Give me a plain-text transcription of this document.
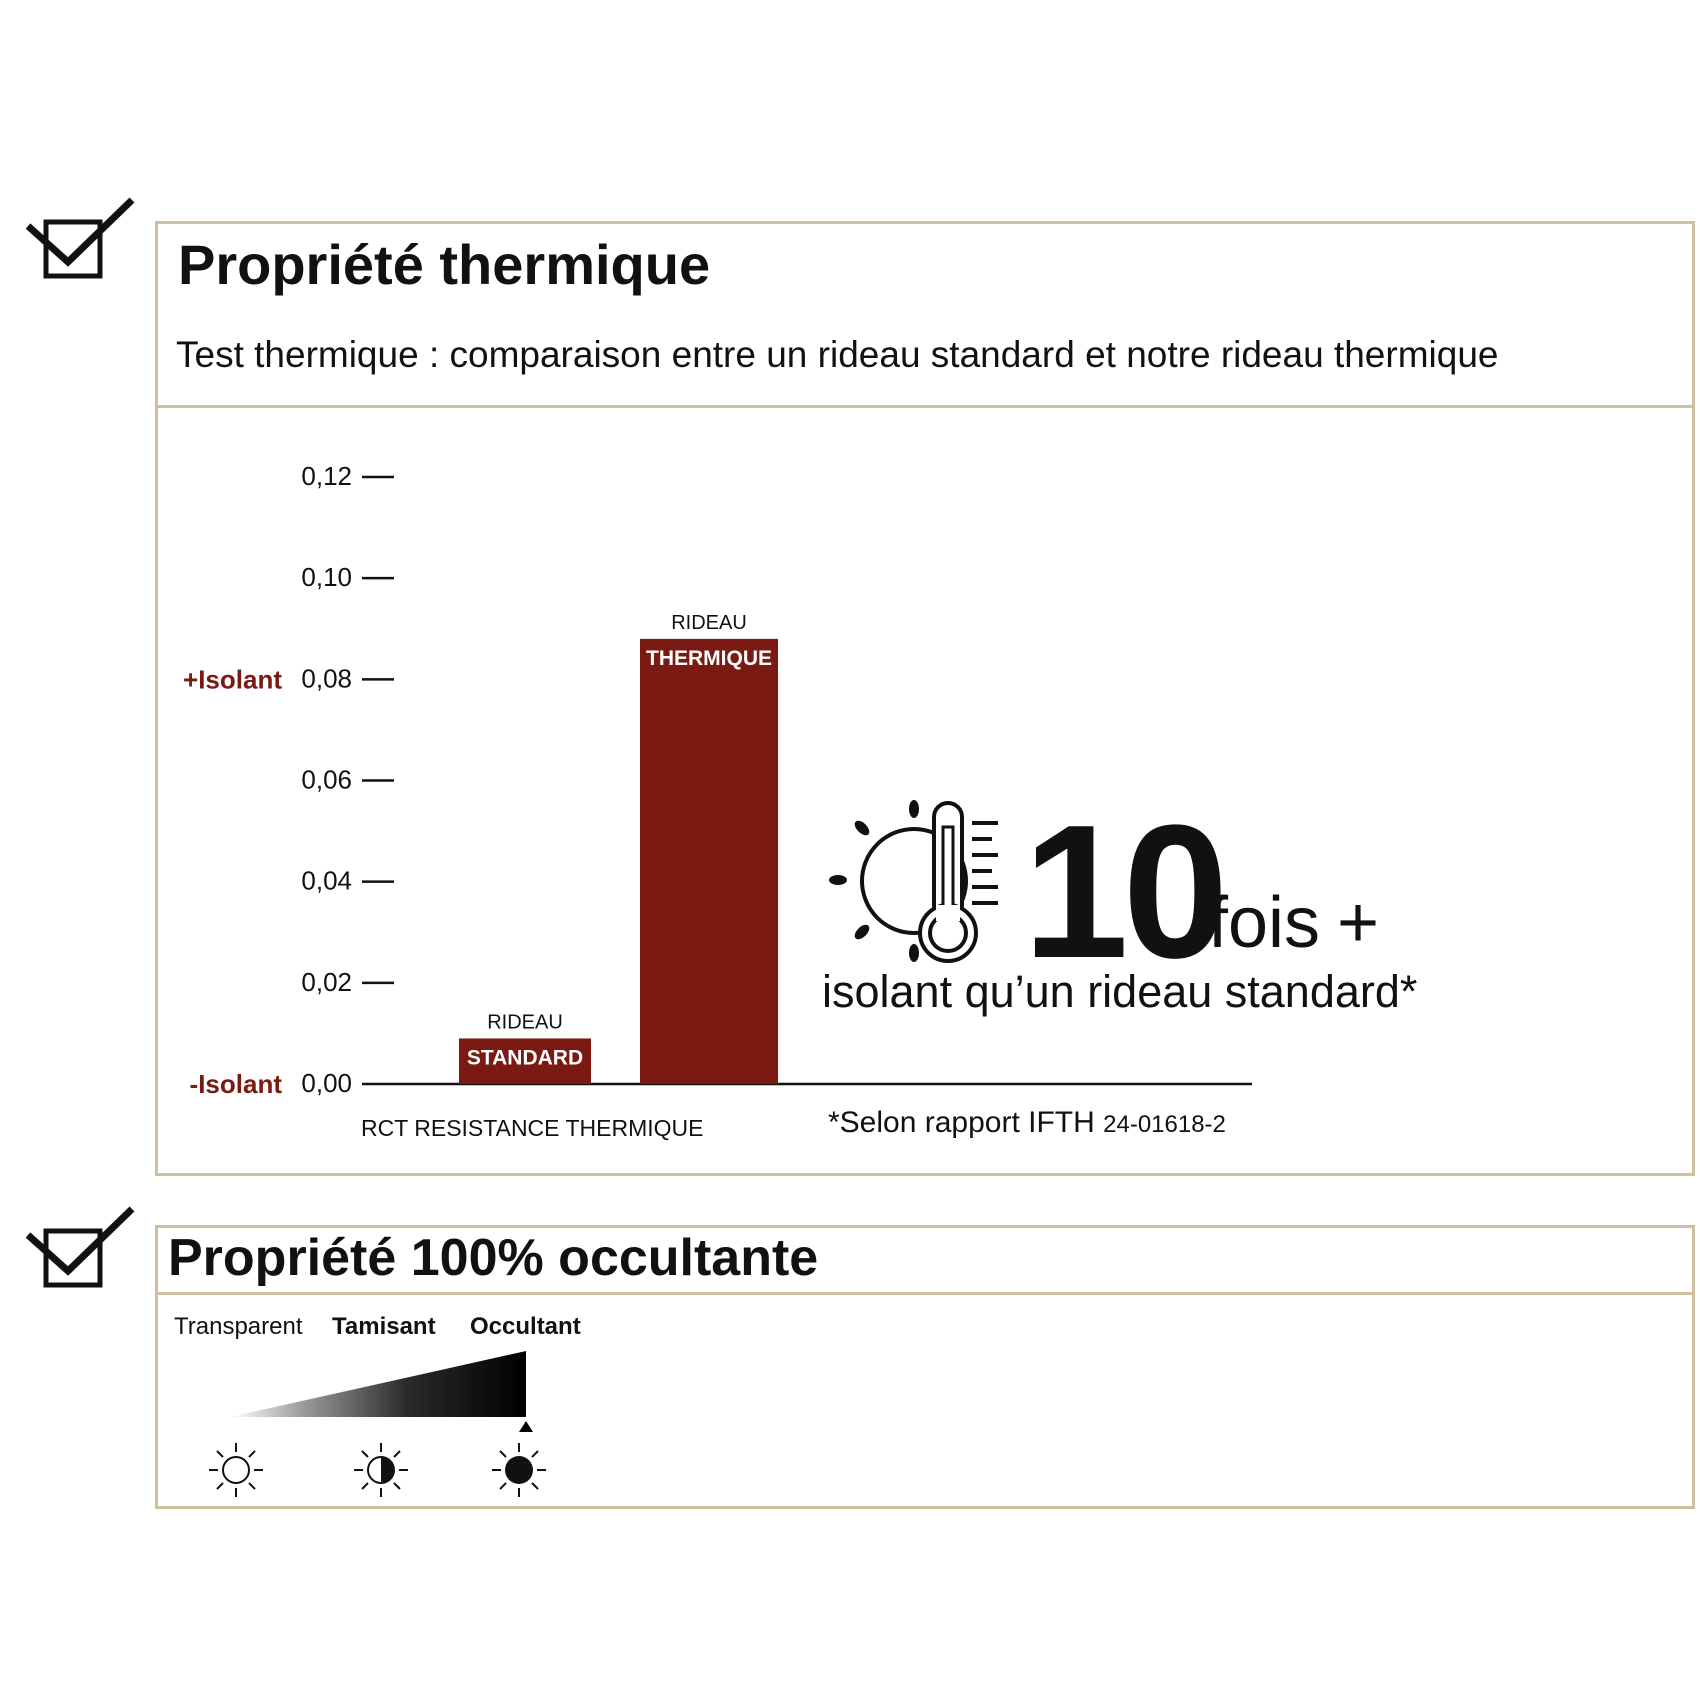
Propriété thermique
Test thermique : comparaison entre un rideau standard et notre rideau thermique
0,00
0,02
0,04
0,06
0,08
0,10
0,12
+Isolant
-Isolant
RIDEAU
STANDARD
RIDEAU
THERMIQUE
RCT RESISTANCE THERMIQUE
10
fois +
isolant qu’un rideau standard*
*Selon rapport IFTH 24-01618-2
Propriété 100% occultante
Transparent Tamisant Occultant
